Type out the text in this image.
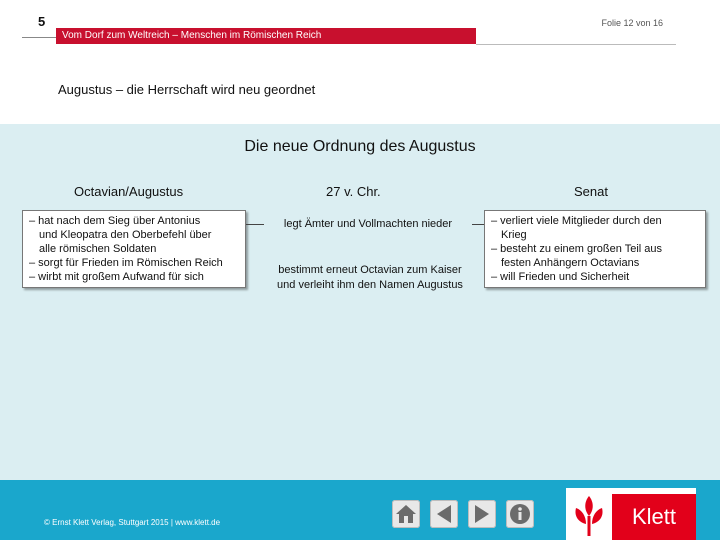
5	Folie 12 von 16
Vom Dorf zum Weltreich – Menschen im Römischen Reich
Augustus – die Herrschaft wird neu geordnet
Die neue Ordnung des Augustus
Octavian/Augustus	27 v. Chr.	Senat
– hat nach dem Sieg über Antonius
und Kleopatra den Oberbefehl über
alle römischen Soldaten
– sorgt für Frieden im Römischen Reich
– wirbt mit großem Aufwand für sich
legt Ämter und Vollmachten nieder
bestimmt erneut Octavian zum Kaiser
und verleiht ihm den Namen Augustus
– verliert viele Mitglieder durch den
Krieg
– besteht zu einem großen Teil aus
festen Anhängern Octavians
– will Frieden und Sicherheit
© Ernst Klett Verlag, Stuttgart 2015 | www.klett.de	Klett
